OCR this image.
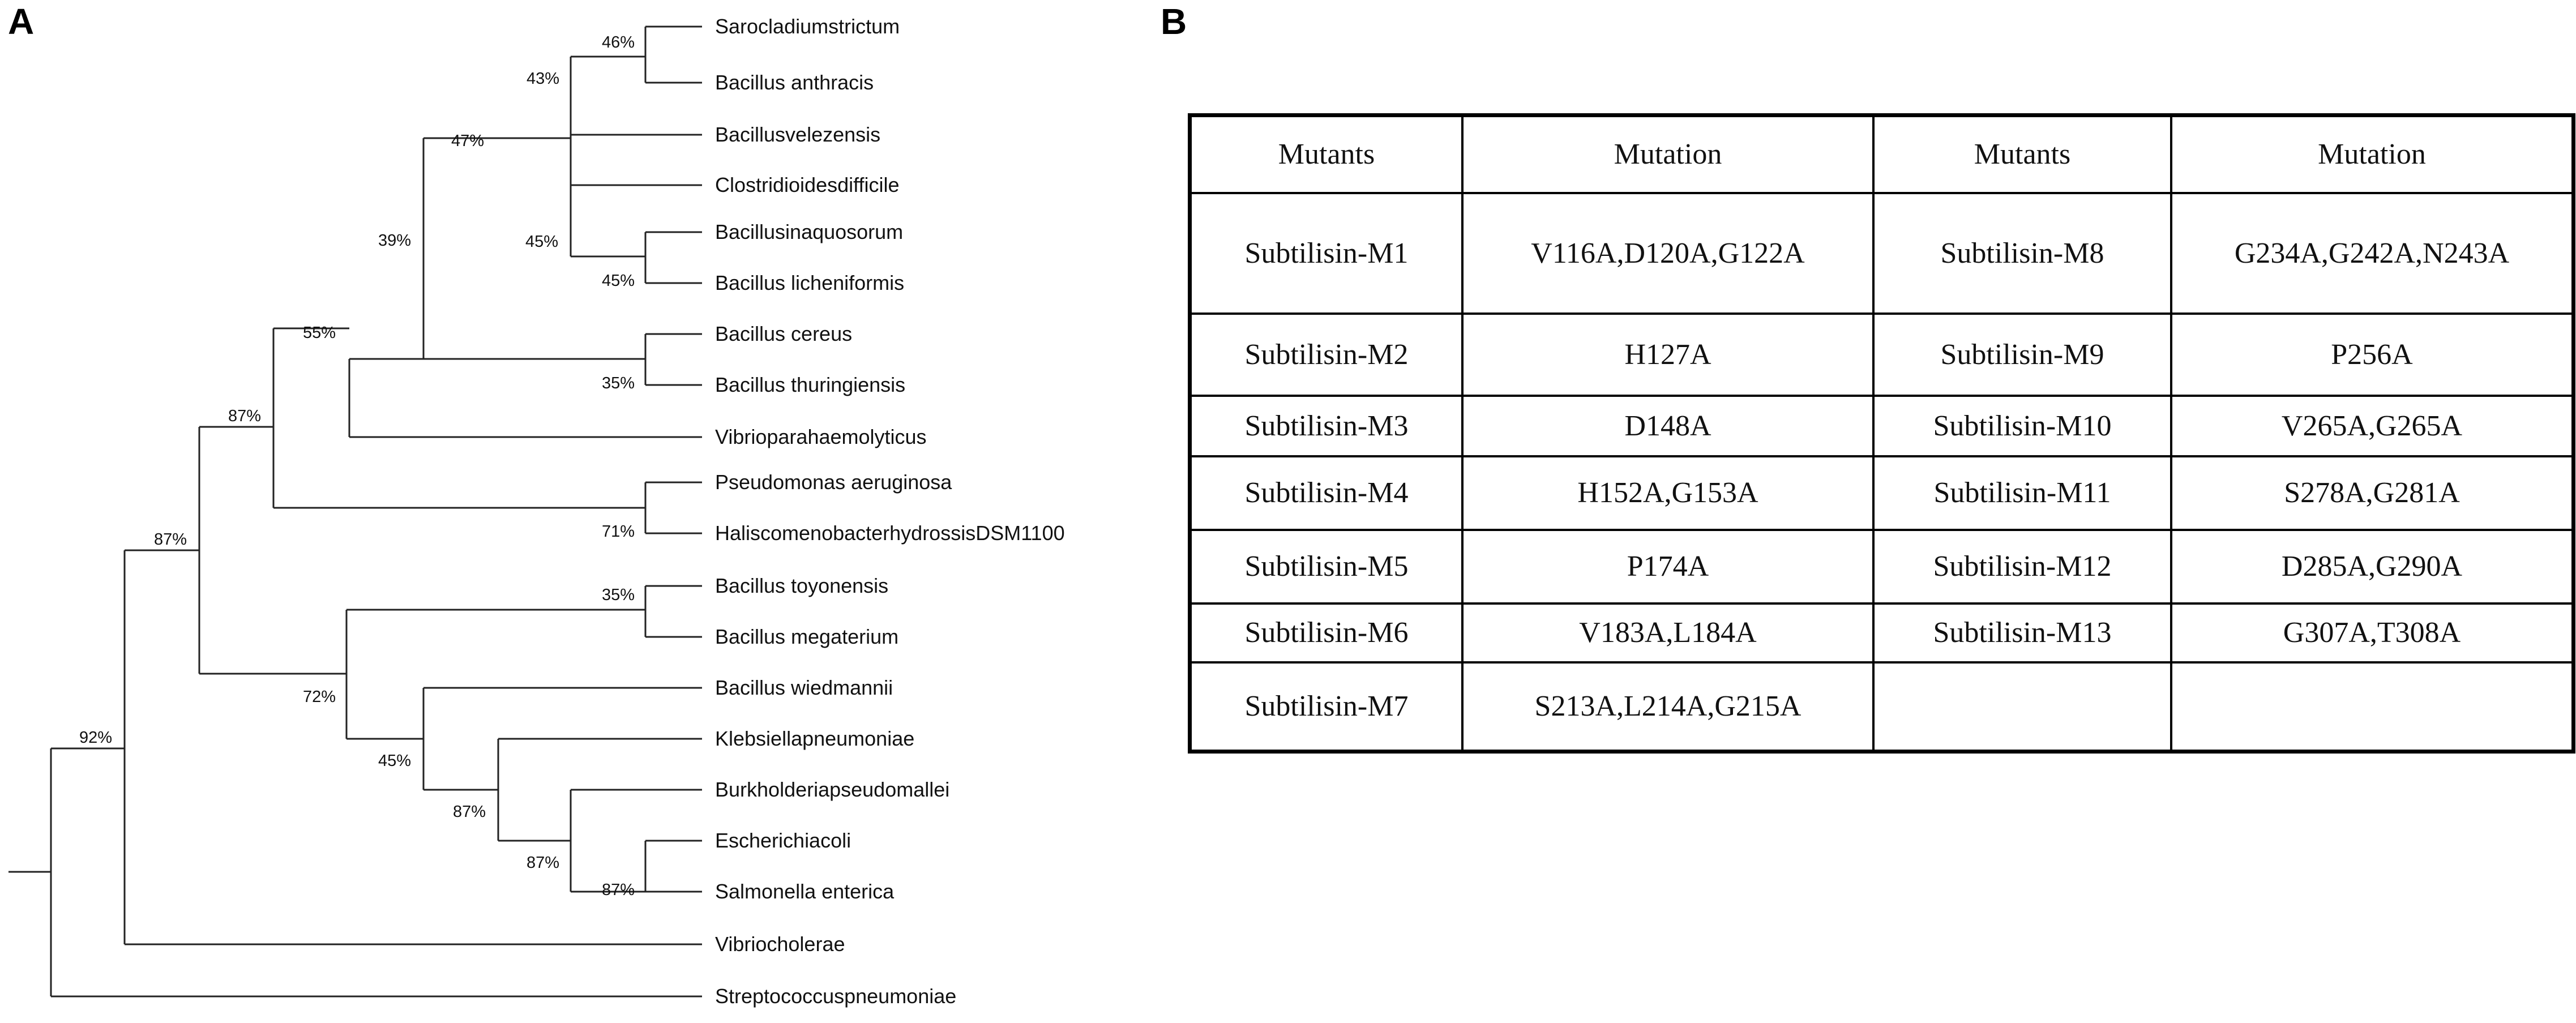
A	B
Sarocladiumstrictum
Bacillus anthracis
Bacillusvelezensis
Clostridioidesdifficile
Bacillusinaquosorum
Bacillus licheniformis
Bacillus cereus
Bacillus thuringiensis
Vibrioparahaemolyticus
Pseudomonas aeruginosa
HaliscomenobacterhydrossisDSM1100
Bacillus toyonensis
Bacillus megaterium
Bacillus wiedmannii
Klebsiellapneumoniae
Burkholderiapseudomallei
Escherichiacoli
Salmonella enterica
Vibriocholerae
Streptococcuspneumoniae
46%
43%
47%
45%
45%
39%
35%
55%
87%
71%
87%
35%
72%
45%
87%
87%
87%
92%
Mutants	Mutation	Mutants	Mutation
Subtilisin-M1	V116A,D120A,G122A	Subtilisin-M8	G234A,G242A,N243A
Subtilisin-M2	H127A	Subtilisin-M9	P256A
Subtilisin-M3	D148A	Subtilisin-M10	V265A,G265A
Subtilisin-M4	H152A,G153A	Subtilisin-M11	S278A,G281A
Subtilisin-M5	P174A	Subtilisin-M12	D285A,G290A
Subtilisin-M6	V183A,L184A	Subtilisin-M13	G307A,T308A
Subtilisin-M7	S213A,L214A,G215A		
